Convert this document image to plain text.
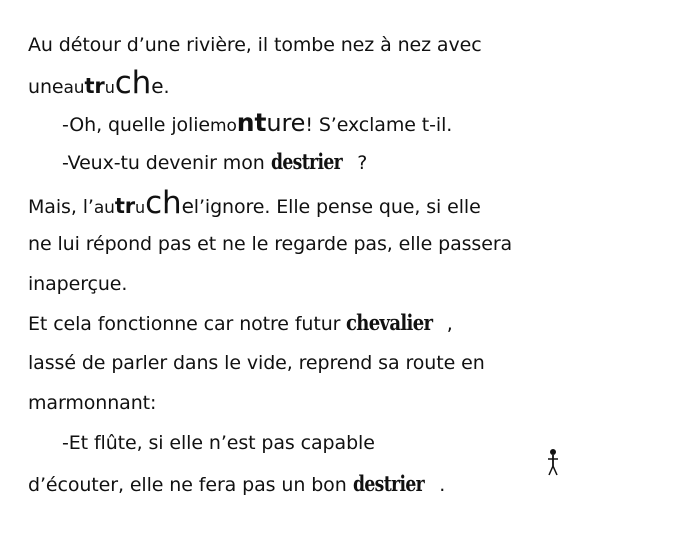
Au détour d’une rivière, il tombe nez à nez avec
uneautruche.
-Oh, quelle joliemonture! S’exclame t-il.
-Veux-tu devenir mon destrier ?
Mais, l’autruchel’ignore. Elle pense que, si elle
ne lui répond pas et ne le regarde pas, elle passera
inaperçue.
Et cela fonctionne car notre futur chevalier ,
lassé de parler dans le vide, reprend sa route en
marmonnant:
-Et flûte, si elle n’est pas capable
d’écouter, elle ne fera pas un bon destrier .
